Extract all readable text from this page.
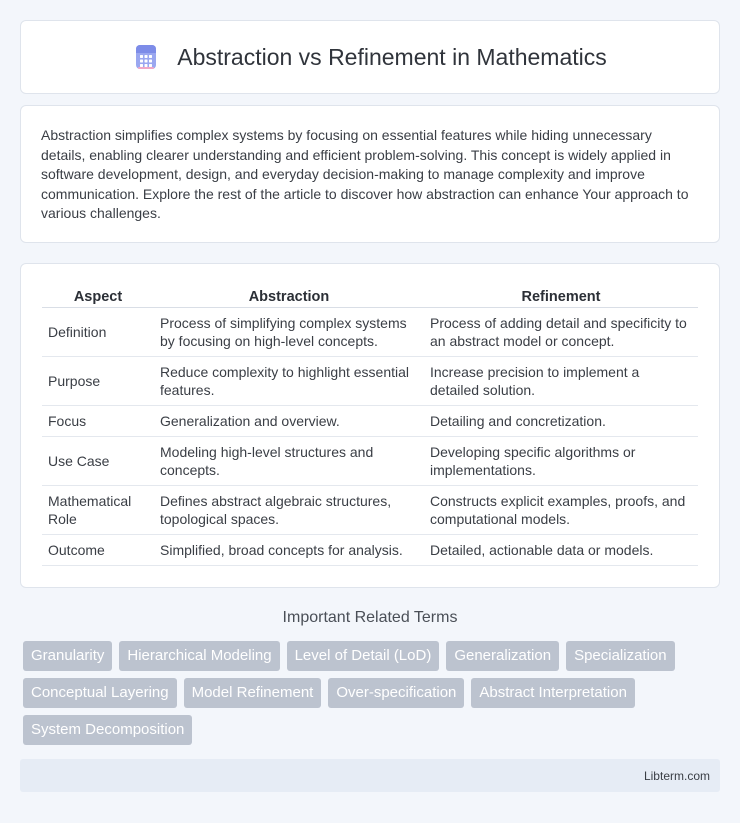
Abstraction vs Refinement in Mathematics

Abstraction simplifies complex systems by focusing on essential features while hiding unnecessary details, enabling clearer understanding and efficient problem-solving. This concept is widely applied in software development, design, and everyday decision-making to manage complexity and improve communication. Explore the rest of the article to discover how abstraction can enhance Your approach to various challenges.

Aspect	Abstraction	Refinement
Definition	Process of simplifying complex systems by focusing on high-level concepts.	Process of adding detail and specificity to an abstract model or concept.
Purpose	Reduce complexity to highlight essential features.	Increase precision to implement a detailed solution.
Focus	Generalization and overview.	Detailing and concretization.
Use Case	Modeling high-level structures and concepts.	Developing specific algorithms or implementations.
Mathematical Role	Defines abstract algebraic structures, topological spaces.	Constructs explicit examples, proofs, and computational models.
Outcome	Simplified, broad concepts for analysis.	Detailed, actionable data or models.
Important Related Terms
Granularity	Hierarchical Modeling	Level of Detail (LoD)	Generalization	Specialization
Conceptual Layering	Model Refinement	Over-specification	Abstract Interpretation
System Decomposition
Libterm.com
